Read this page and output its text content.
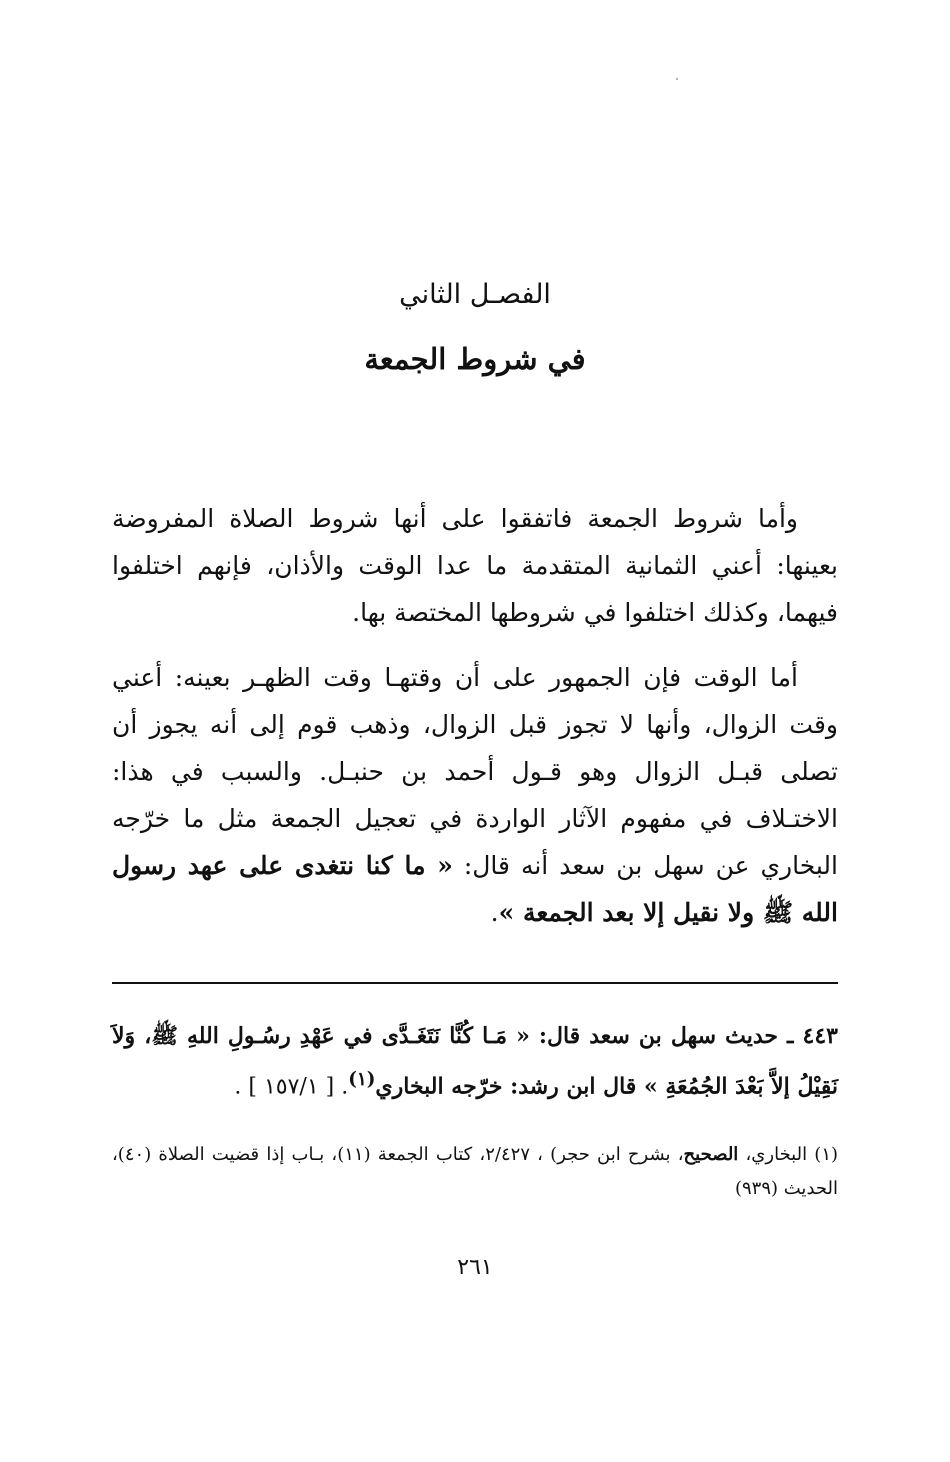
الفصـل الثاني
في شروط الجمعة

وأما شروط الجمعة فاتفقوا على أنها شروط الصلاة المفروضة بعينها: أعني الثمانية المتقدمة ما عدا الوقت والأذان، فإنهم اختلفوا فيهما، وكذلك اختلفوا في شروطها المختصة بها.

أما الوقت فإن الجمهور على أن وقتهـا وقت الظهـر بعينه: أعني وقت الزوال، وأنها لا تجوز قبل الزوال، وذهب قوم إلى أنه يجوز أن تصلى قبـل الزوال وهو قـول أحمد بن حنبـل. والسبب في هذا: الاختـلاف في مفهوم الآثار الواردة في تعجيل الجمعة مثل ما خرّجه البخاري عن سهل بن سعد أنه قال: « ما كنا نتغدى على عهد رسول الله ﷺ ولا نقيل إلا بعد الجمعة ».

٤٤٣ ـ حديث سهل بن سعد قال: « مَـا كُنَّا نَتَغَـدَّى في عَهْدِ رسُـولِ اللهِ ﷺ، وَلاَ نَقِيْلُ إلاَّ بَعْدَ الجُمُعَةِ » قال ابن رشد: خرّجه البخاري$^{(١)}$. [ ١٥٧/١ ] .

(١) البخاري، الصحيح، بشرح ابن حجر) ، ٢/٤٢٧، كتاب الجمعة (١١)، بـاب إذا قضيت الصلاة (٤٠)، الحديث (٩٣٩)

٢٦١
